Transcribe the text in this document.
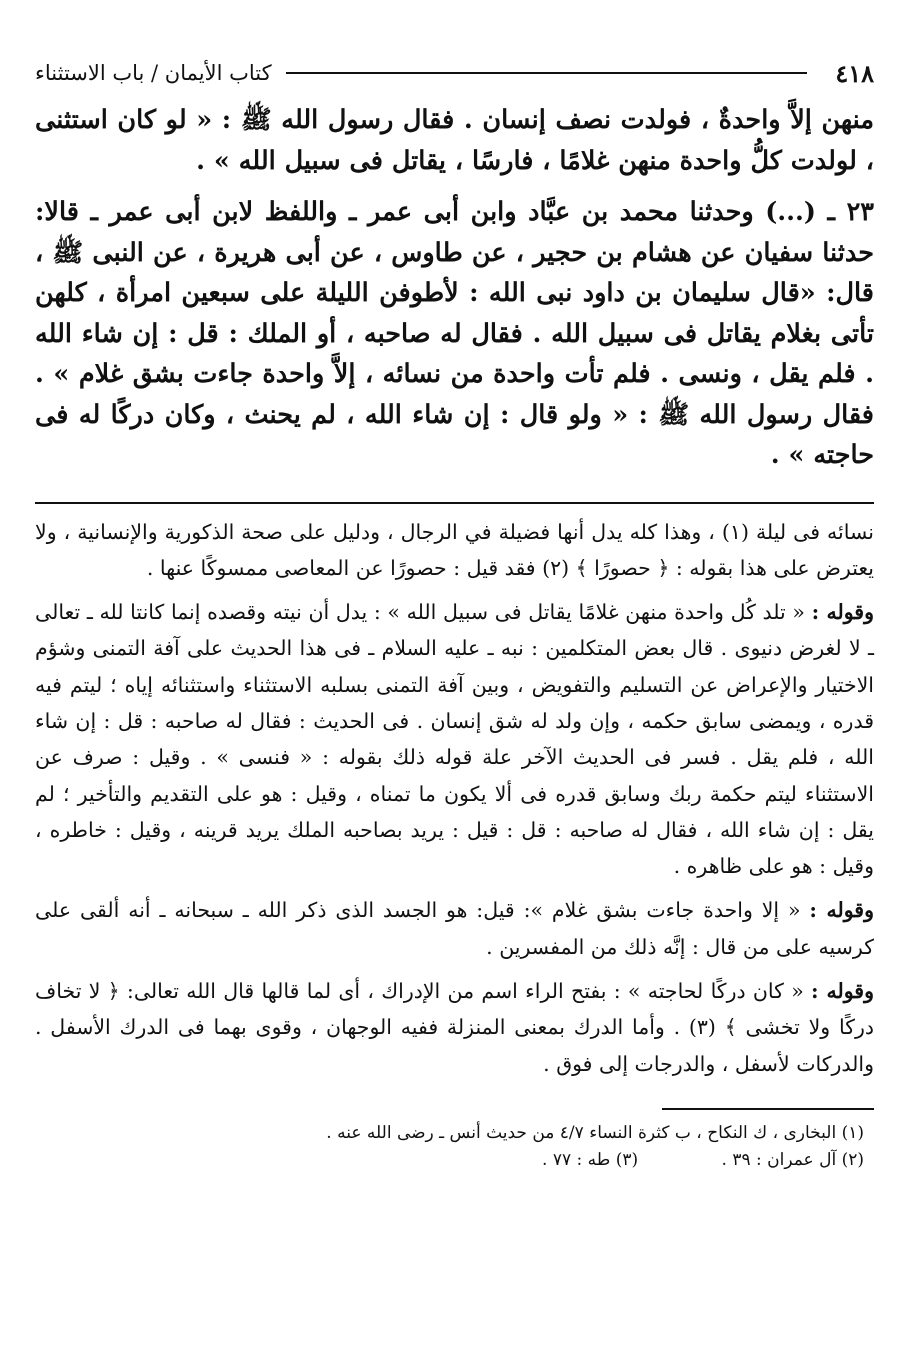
٤١٨
كتاب الأيمان / باب الاستثناء

منهن إلاَّ واحدةٌ ، فولدت نصف إنسان . فقال رسول الله ﷺ : « لو كان استثنى ، لولدت كلُّ واحدة منهن غلامًا ، فارسًا ، يقاتل فى سبيل الله » .

٢٣ ـ (...) وحدثنا محمد بن عبَّاد وابن أبى عمر ـ واللفظ لابن أبى عمر ـ قالا: حدثنا سفيان عن هشام بن حجير ، عن طاوس ، عن أبى هريرة ، عن النبى ﷺ ، قال: «قال سليمان بن داود نبى الله : لأطوفن الليلة على سبعين امرأة ، كلهن تأتى بغلام يقاتل فى سبيل الله . فقال له صاحبه ، أو الملك : قل : إن شاء الله . فلم يقل ، ونسى . فلم تأت واحدة من نسائه ، إلاَّ واحدة جاءت بشق غلام » . فقال رسول الله ﷺ : « ولو قال : إن شاء الله ، لم يحنث ، وكان دركًا له فى حاجته » .

نسائه فى ليلة (١) ، وهذا كله يدل أنها فضيلة في الرجال ، ودليل على صحة الذكورية والإنسانية ، ولا يعترض على هذا بقوله : ﴿ حصورًا ﴾ (٢) فقد قيل : حصورًا عن المعاصى ممسوكًا عنها .

وقوله : « تلد كُل واحدة منهن غلامًا يقاتل فى سبيل الله » : يدل أن نيته وقصده إنما كانتا لله ـ تعالى ـ لا لغرض دنيوى . قال بعض المتكلمين : نبه ـ عليه السلام ـ فى هذا الحديث على آفة التمنى وشؤم الاختيار والإعراض عن التسليم والتفويض ، وبين آفة التمنى بسلبه الاستثناء واستثنائه إياه ؛ ليتم فيه قدره ، ويمضى سابق حكمه ، وإن ولد له شق إنسان . فى الحديث : فقال له صاحبه : قل : إن شاء الله ، فلم يقل . فسر فى الحديث الآخر علة قوله ذلك بقوله : « فنسى » . وقيل : صرف عن الاستثناء ليتم حكمة ربك وسابق قدره فى ألا يكون ما تمناه ، وقيل : هو على التقديم والتأخير ؛ لم يقل : إن شاء الله ، فقال له صاحبه : قل : قيل : يريد بصاحبه الملك يريد قرينه ، وقيل : خاطره ، وقيل : هو على ظاهره .

وقوله : « إلا واحدة جاءت بشق غلام »: قيل: هو الجسد الذى ذكر الله ـ سبحانه ـ أنه ألقى على كرسيه على من قال : إنَّه ذلك من المفسرين .

وقوله : « كان دركًا لحاجته » : بفتح الراء اسم من الإدراك ، أى لما قالها قال الله تعالى: ﴿ لا تخاف دركًا ولا تخشى ﴾ (٣) . وأما الدرك بمعنى المنزلة ففيه الوجهان ، وقوى بهما فى الدرك الأسفل . والدركات لأسفل ، والدرجات إلى فوق .

(١) البخارى ، ك النكاح ، ب كثرة النساء ٤/٧ من حديث أنس ـ رضى الله عنه .

(٢) آل عمران : ٣٩ . (٣) طه : ٧٧ .
